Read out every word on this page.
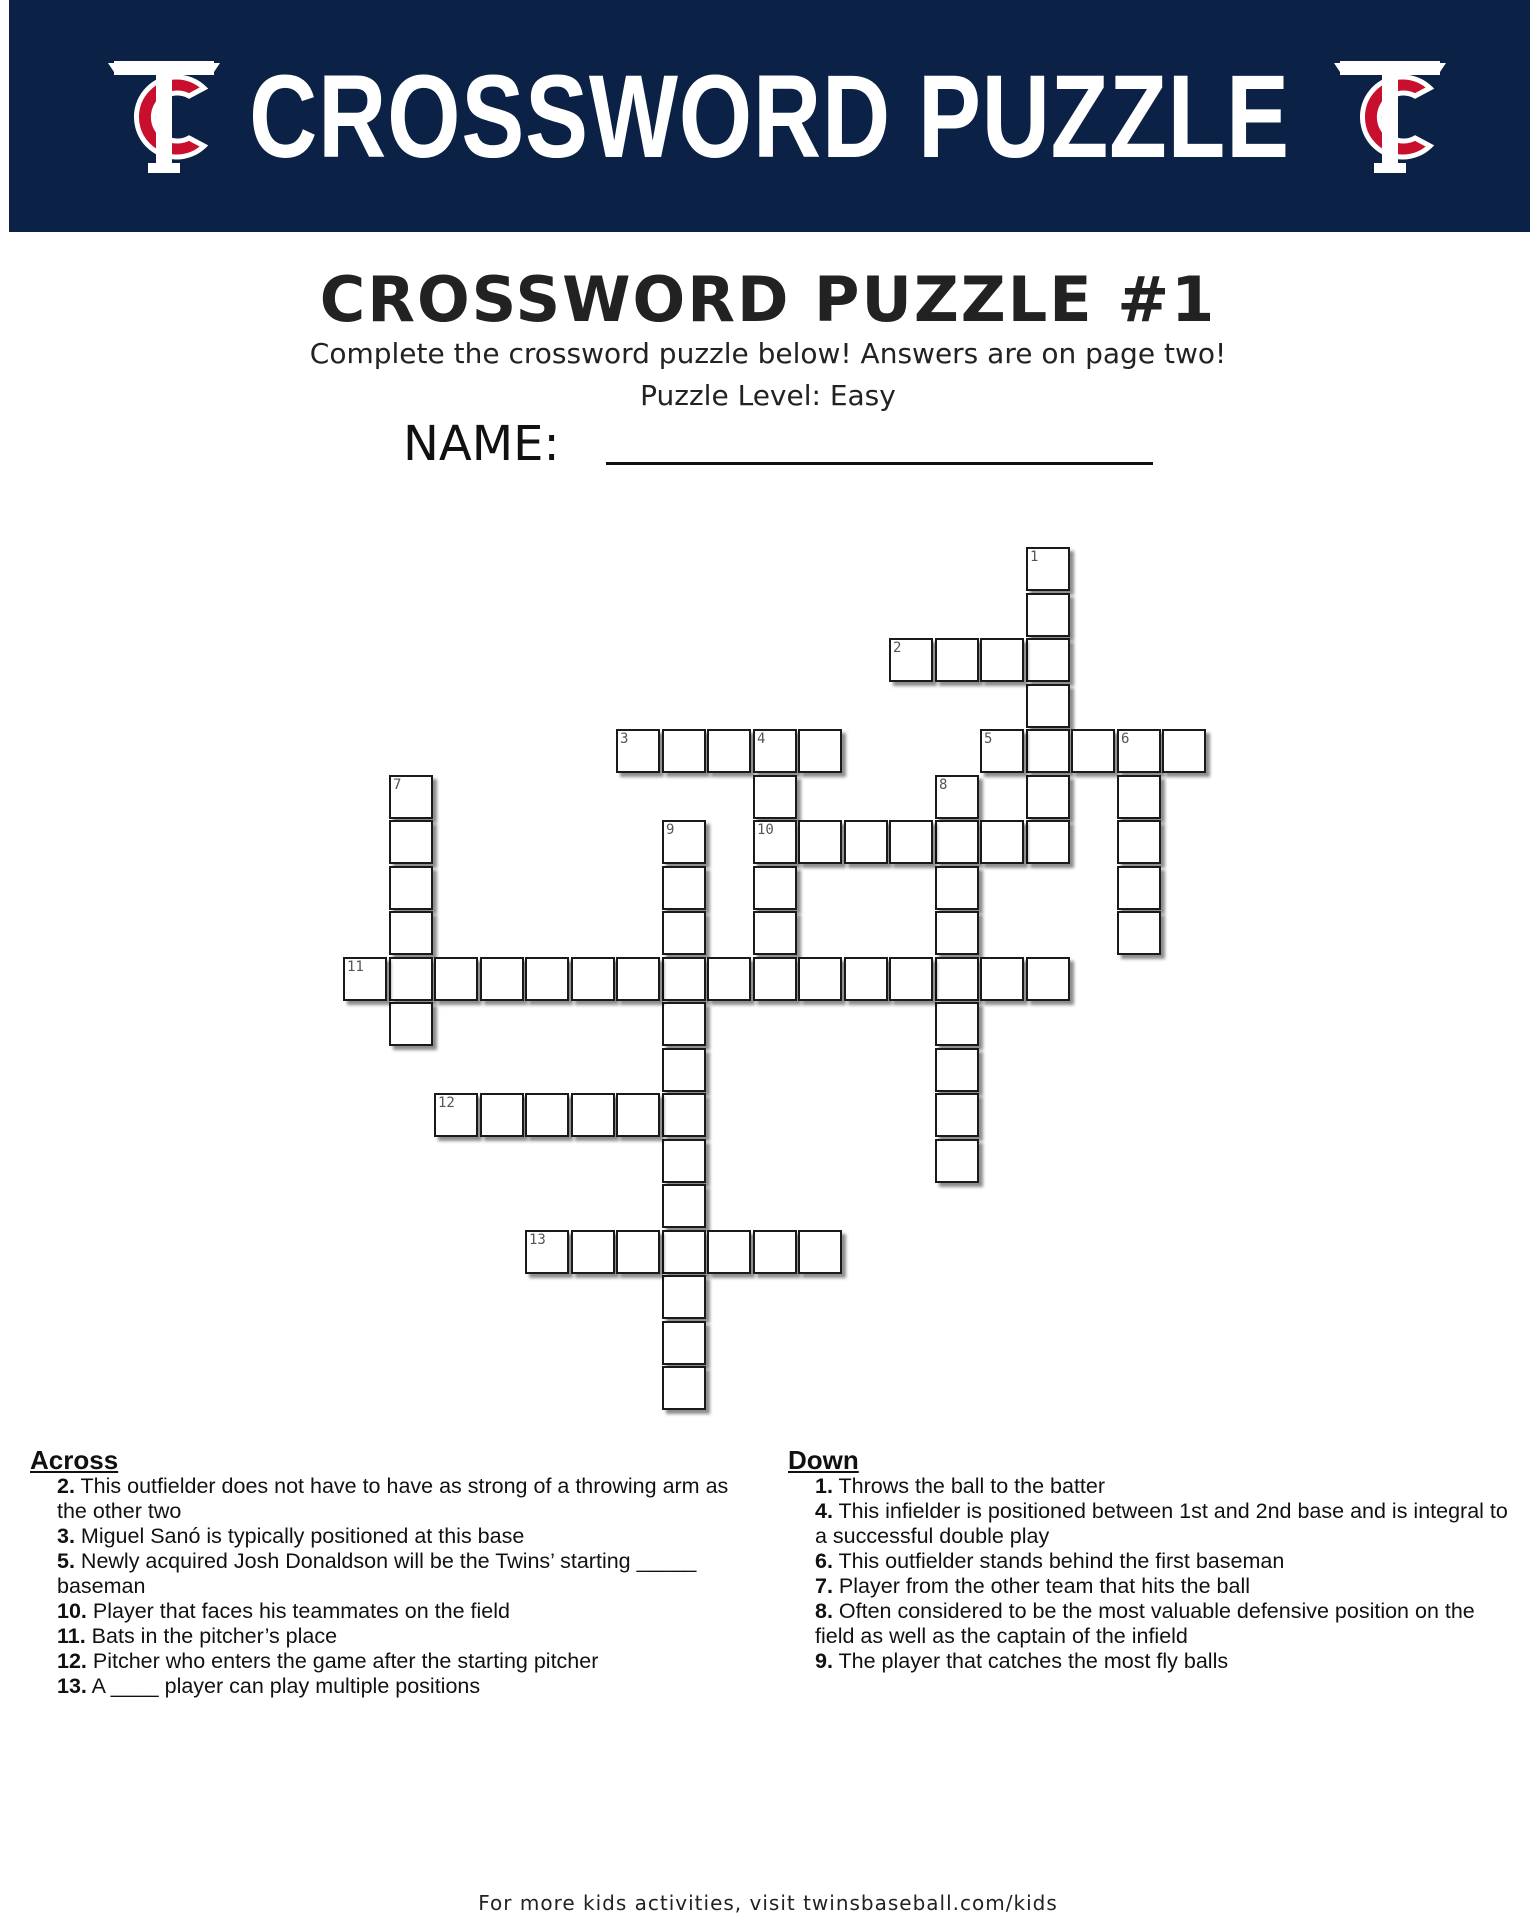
CROSSWORD PUZZLE
CROSSWORD PUZZLE #1
Complete the crossword puzzle below! Answers are on page two!
Puzzle Level: Easy
NAME:
1
2
3	4
10
5	6
7	8
9
11
12
13
Across
2. This outfielder does not have to have as strong of a throwing arm as the other two
3. Miguel Sanó is typically positioned at this base
5. Newly acquired Josh Donaldson will be the Twins’ starting _____ baseman
10. Player that faces his teammates on the field
11. Bats in the pitcher’s place
12. Pitcher who enters the game after the starting pitcher
13. A ____ player can play multiple positions
Down
1. Throws the ball to the batter
4. This infielder is positioned between 1st and 2nd base and is integral to a successful double play
6. This outfielder stands behind the first baseman
7. Player from the other team that hits the ball
8. Often considered to be the most valuable defensive position on the field as well as the captain of the infield
9. The player that catches the most fly balls
For more kids activities, visit twinsbaseball.com/kids
